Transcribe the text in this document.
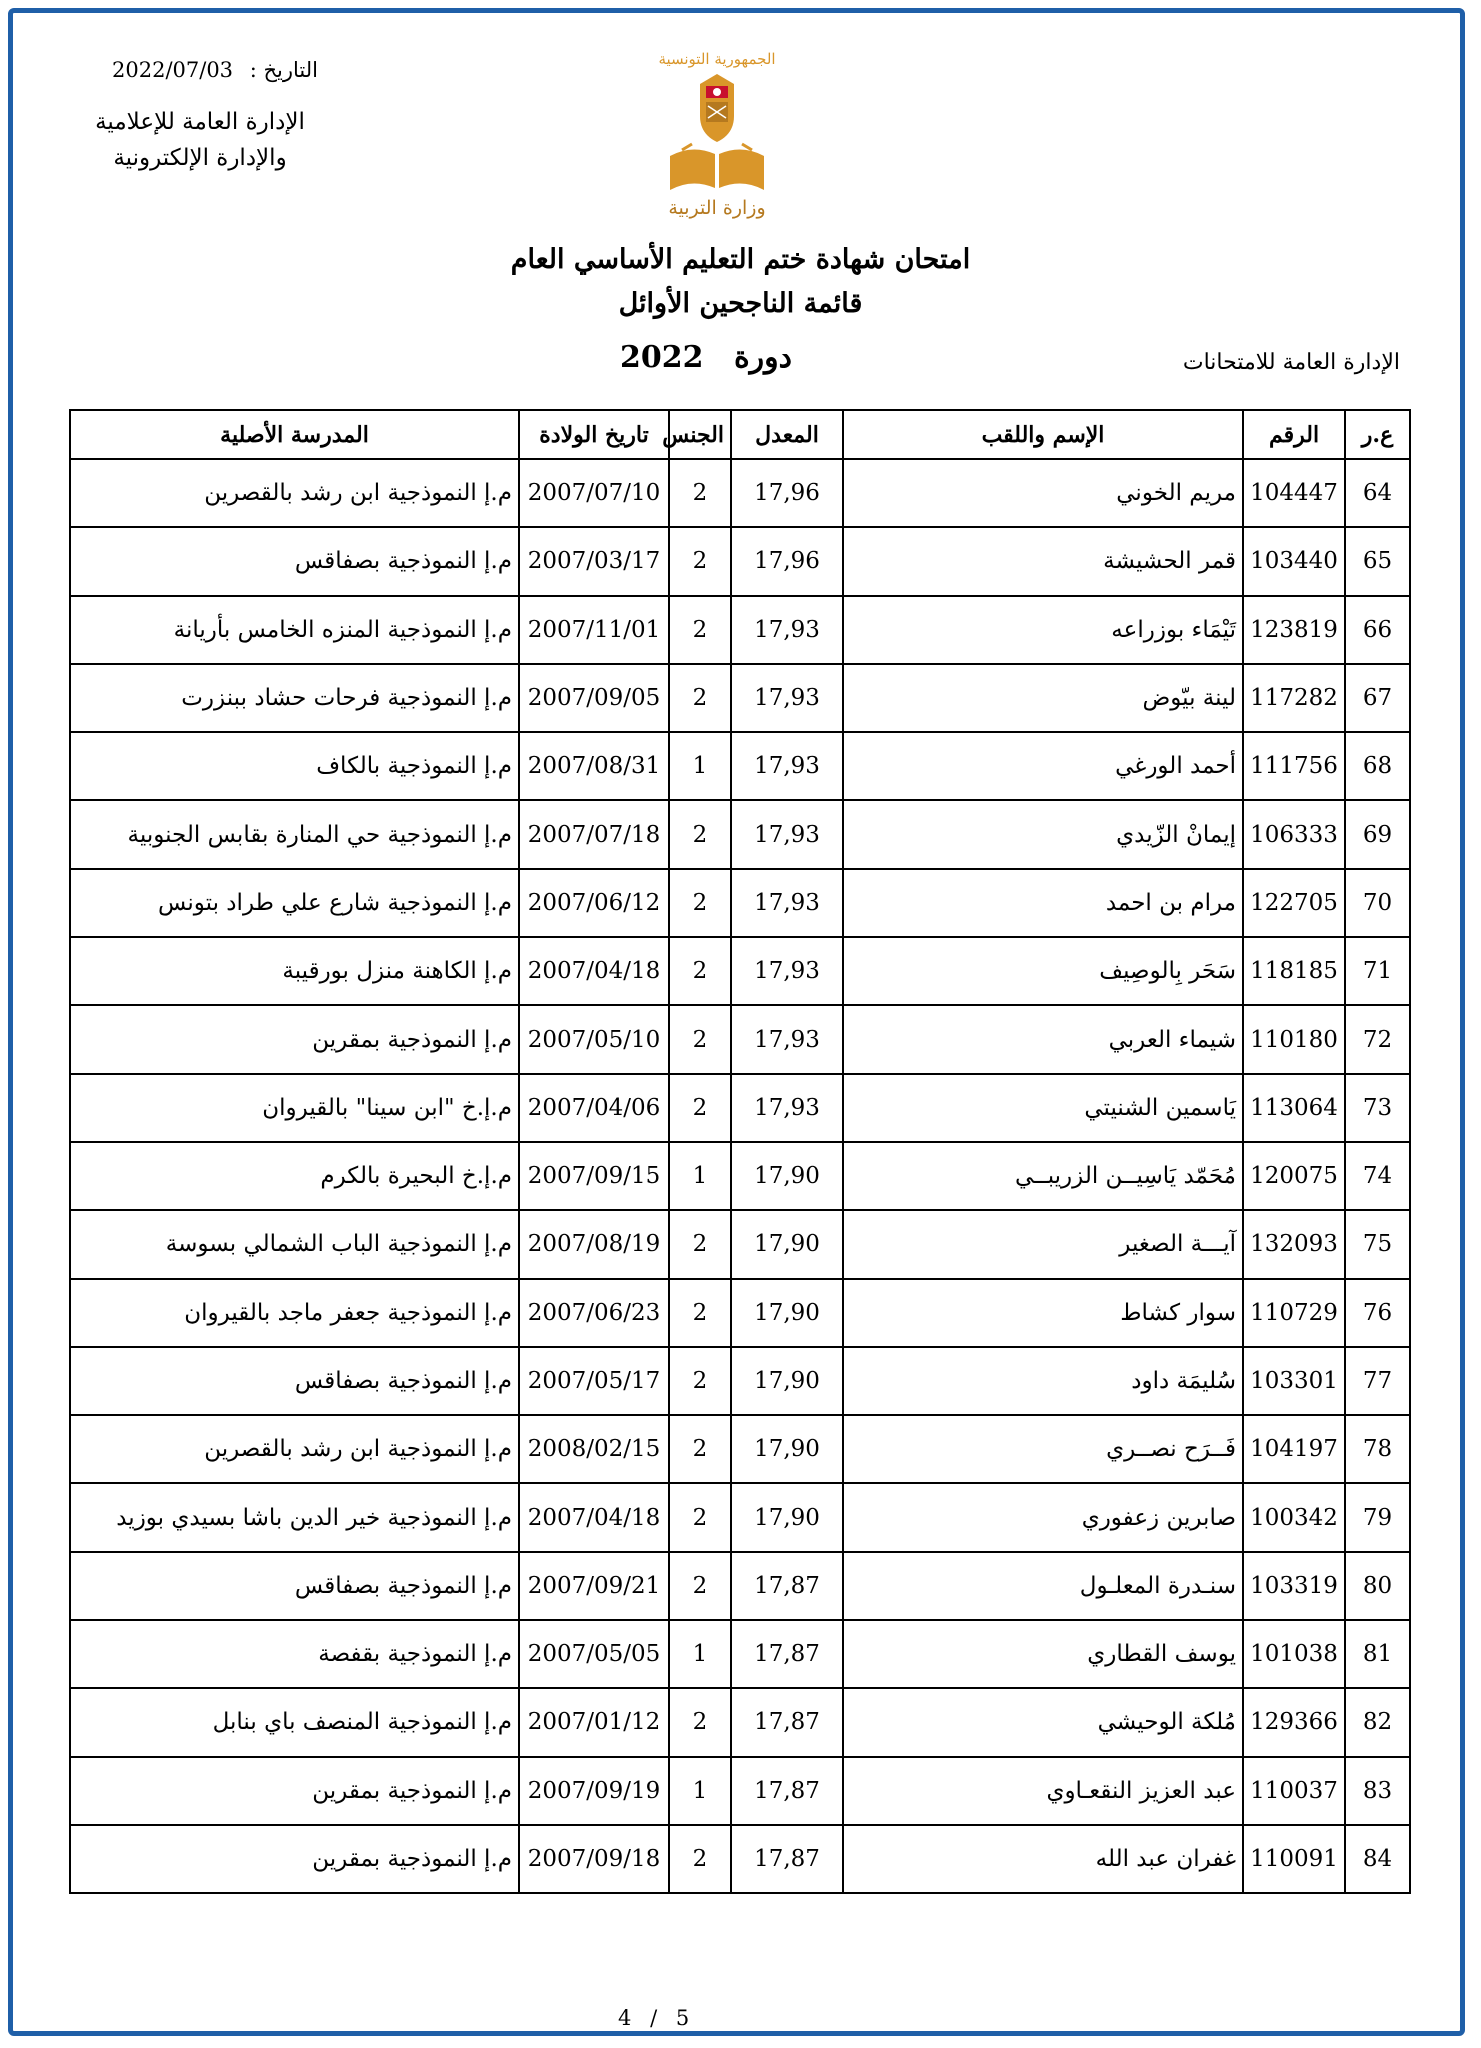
التاريخ : 2022/07/03
الإدارة العامة للإعلامية
والإدارة الإلكترونية
الجمهورية التونسية
وزارة التربية
امتحان شهادة ختم التعليم الأساسي العام
قائمة الناجحين الأوائل
دورة 2022	الإدارة العامة للامتحانات
ع.ر	الرقم	الإسم واللقب	المعدل	الجنس	تاريخ الولادة	المدرسة الأصلية
64	104447	مريم الخوني	17,96	2	2007/07/10	م.إ النموذجية ابن رشد بالقصرين
65	103440	قمر الحشيشة	17,96	2	2007/03/17	م.إ النموذجية بصفاقس
66	123819	تَيْمَاء بوزراعه	17,93	2	2007/11/01	م.إ النموذجية المنزه الخامس بأريانة
67	117282	لينة بيّوض	17,93	2	2007/09/05	م.إ النموذجية فرحات حشاد ببنزرت
68	111756	أحمد الورغي	17,93	1	2007/08/31	م.إ النموذجية بالكاف
69	106333	إيمانْ الزّيدي	17,93	2	2007/07/18	م.إ النموذجية حي المنارة بقابس الجنوبية
70	122705	مرام بن احمد	17,93	2	2007/06/12	م.إ النموذجية شارع علي طراد بتونس
71	118185	سَحَر بِالوصِيف	17,93	2	2007/04/18	م.إ الكاهنة منزل بورقيبة
72	110180	شيماء العربي	17,93	2	2007/05/10	م.إ النموذجية بمقرين
73	113064	يَاسمين الشنيتي	17,93	2	2007/04/06	م.إ.خ "ابن سينا" بالقيروان
74	120075	مُحَمّد يَاسِيــن الزريبــي	17,90	1	2007/09/15	م.إ.خ البحيرة بالكرم
75	132093	آيـــة الصغير	17,90	2	2007/08/19	م.إ النموذجية الباب الشمالي بسوسة
76	110729	سوار كشاط	17,90	2	2007/06/23	م.إ النموذجية جعفر ماجد بالقيروان
77	103301	سُليمَة داود	17,90	2	2007/05/17	م.إ النموذجية بصفاقس
78	104197	فَــرَح نصــري	17,90	2	2008/02/15	م.إ النموذجية ابن رشد بالقصرين
79	100342	صابرين زعفوري	17,90	2	2007/04/18	م.إ النموذجية خير الدين باشا بسيدي بوزيد
80	103319	سنـدرة المعلـول	17,87	2	2007/09/21	م.إ النموذجية بصفاقس
81	101038	يوسف القطاري	17,87	1	2007/05/05	م.إ النموذجية بقفصة
82	129366	مُلكة الوحيشي	17,87	2	2007/01/12	م.إ النموذجية المنصف باي بنابل
83	110037	عبد العزيز النقعـاوي	17,87	1	2007/09/19	م.إ النموذجية بمقرين
84	110091	غفران عبد الله	17,87	2	2007/09/18	م.إ النموذجية بمقرين
4 / 5
